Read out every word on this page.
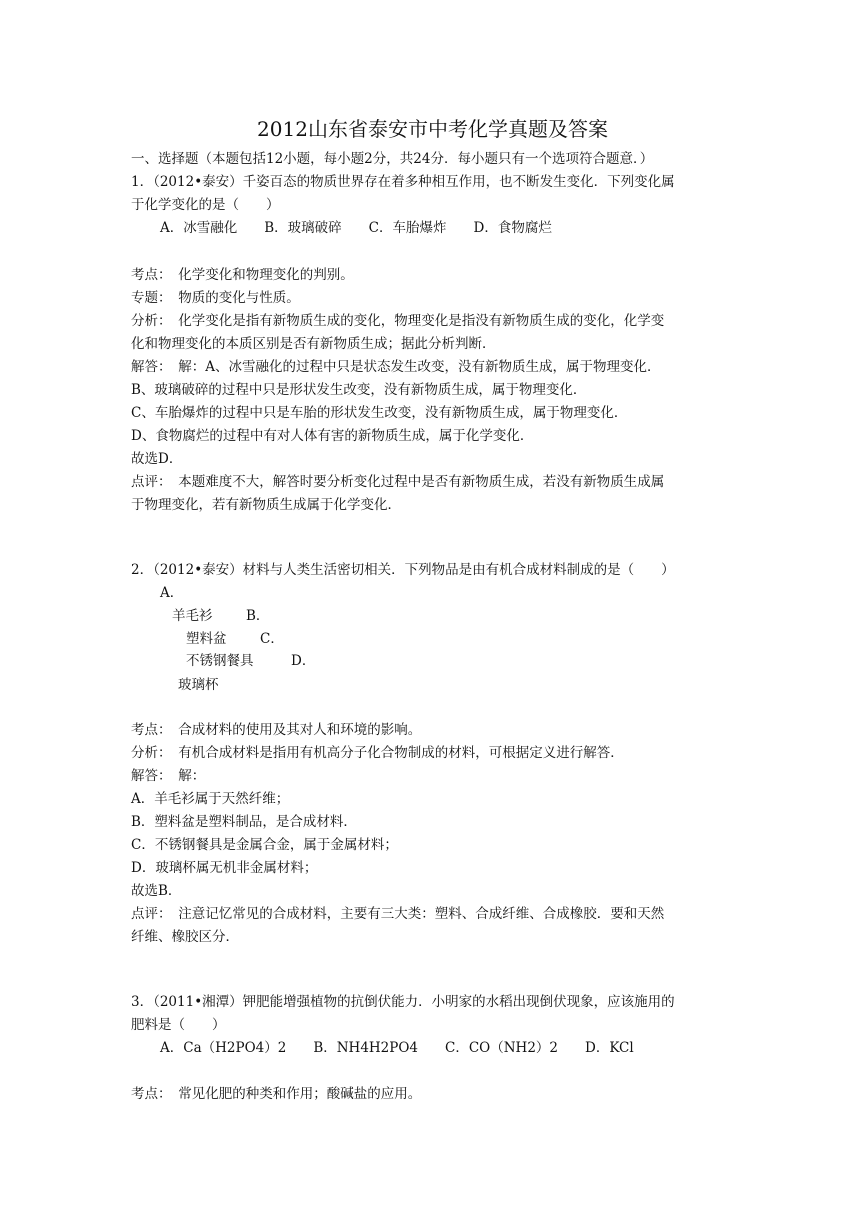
2012山东省泰安市中考化学真题及答案
一、选择题（本题包括12小题，每小题2分，共24分．每小题只有一个选项符合题意．）
1．（2012•泰安）千姿百态的物质世界存在着多种相互作用，也不断发生变化．下列变化属
于化学变化的是（　　）
A．冰雪融化　　B．玻璃破碎　　C．车胎爆炸　　D．食物腐烂
考点：　化学变化和物理变化的判别。
专题：　物质的变化与性质。
分析：　化学变化是指有新物质生成的变化，物理变化是指没有新物质生成的变化，化学变
化和物理变化的本质区别是否有新物质生成；据此分析判断．
解答：　解：A、冰雪融化的过程中只是状态发生改变，没有新物质生成，属于物理变化．
B、玻璃破碎的过程中只是形状发生改变，没有新物质生成，属于物理变化．
C、车胎爆炸的过程中只是车胎的形状发生改变，没有新物质生成，属于物理变化．
D、食物腐烂的过程中有对人体有害的新物质生成，属于化学变化．
故选D．
点评：　本题难度不大，解答时要分析变化过程中是否有新物质生成，若没有新物质生成属
于物理变化，若有新物质生成属于化学变化．
2．（2012•泰安）材料与人类生活密切相关．下列物品是由有机合成材料制成的是（　　）
A．
羊毛衫 B．
塑料盆 C．
不锈钢餐具	D．
玻璃杯
考点：　合成材料的使用及其对人和环境的影响。
分析：　有机合成材料是指用有机高分子化合物制成的材料，可根据定义进行解答．
解答：　解：
A．羊毛衫属于天然纤维；
B．塑料盆是塑料制品，是合成材料．
C．不锈钢餐具是金属合金，属于金属材料；
D．玻璃杯属无机非金属材料；
故选B．
点评：　注意记忆常见的合成材料，主要有三大类：塑料、合成纤维、合成橡胶．要和天然
纤维、橡胶区分．
3．（2011•湘潭）钾肥能增强植物的抗倒伏能力．小明家的水稻出现倒伏现象，应该施用的
肥料是（　　）
A．Ca（H2PO4）2　　B．NH4H2PO4　　C．CO（NH2）2　　D．KCl
考点：　常见化肥的种类和作用；酸碱盐的应用。
